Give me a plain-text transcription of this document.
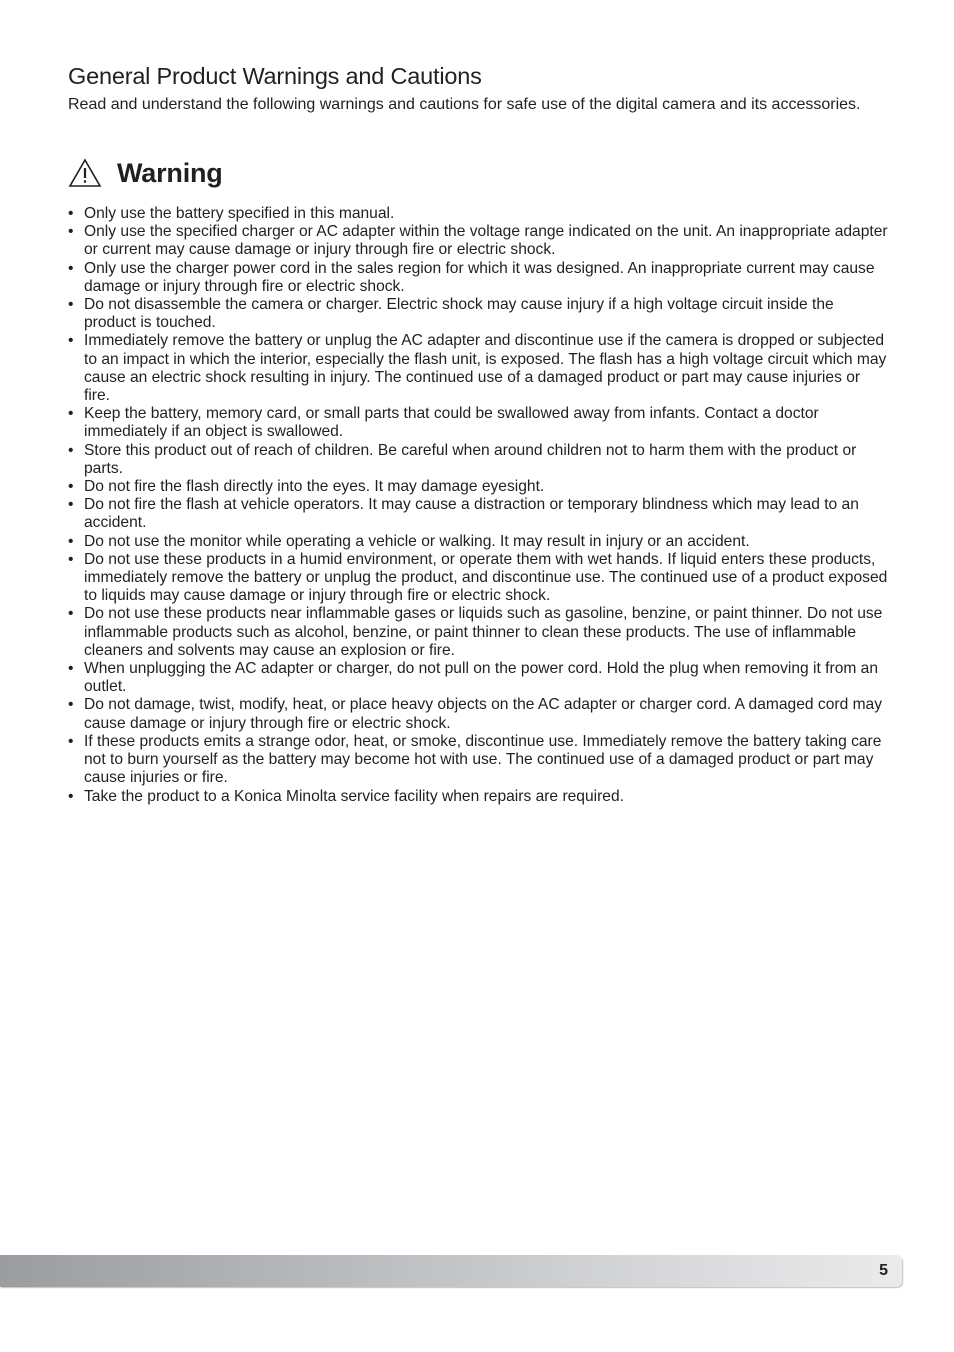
General Product Warnings and Cautions

Read and understand the following warnings and cautions for safe use of the digital camera and its accessories.

Warning
• Only use the battery specified in this manual.
• Only use the specified charger or AC adapter within the voltage range indicated on the unit. An inappropriate adapter or current may cause damage or injury through fire or electric shock.
• Only use the charger power cord in the sales region for which it was designed. An inappropriate current may cause damage or injury through fire or electric shock.
• Do not disassemble the camera or charger. Electric shock may cause injury if a high voltage circuit inside the product is touched.
• Immediately remove the battery or unplug the AC adapter and discontinue use if the camera is dropped or subjected to an impact in which the interior, especially the flash unit, is exposed. The flash has a high voltage circuit which may cause an electric shock resulting in injury. The continued use of a damaged product or part may cause injuries or fire.
• Keep the battery, memory card, or small parts that could be swallowed away from infants. Contact a doctor immediately if an object is swallowed.
• Store this product out of reach of children. Be careful when around children not to harm them with the product or parts.
• Do not fire the flash directly into the eyes. It may damage eyesight.
• Do not fire the flash at vehicle operators. It may cause a distraction or temporary blindness which may lead to an accident.
• Do not use the monitor while operating a vehicle or walking. It may result in injury or an accident.
• Do not use these products in a humid environment, or operate them with wet hands. If liquid enters these products, immediately remove the battery or unplug the product, and discontinue use. The continued use of a product exposed to liquids may cause damage or injury through fire or electric shock.
• Do not use these products near inflammable gases or liquids such as gasoline, benzine, or paint thinner. Do not use inflammable products such as alcohol, benzine, or paint thinner to clean these products. The use of inflammable cleaners and solvents may cause an explosion or fire.
• When unplugging the AC adapter or charger, do not pull on the power cord. Hold the plug when removing it from an outlet.
• Do not damage, twist, modify, heat, or place heavy objects on the AC adapter or charger cord. A damaged cord may cause damage or injury through fire or electric shock.
• If these products emits a strange odor, heat, or smoke, discontinue use. Immediately remove the battery taking care not to burn yourself as the battery may become hot with use. The continued use of a damaged product or part may cause injuries or fire.
• Take the product to a Konica Minolta service facility when repairs are required.
5
